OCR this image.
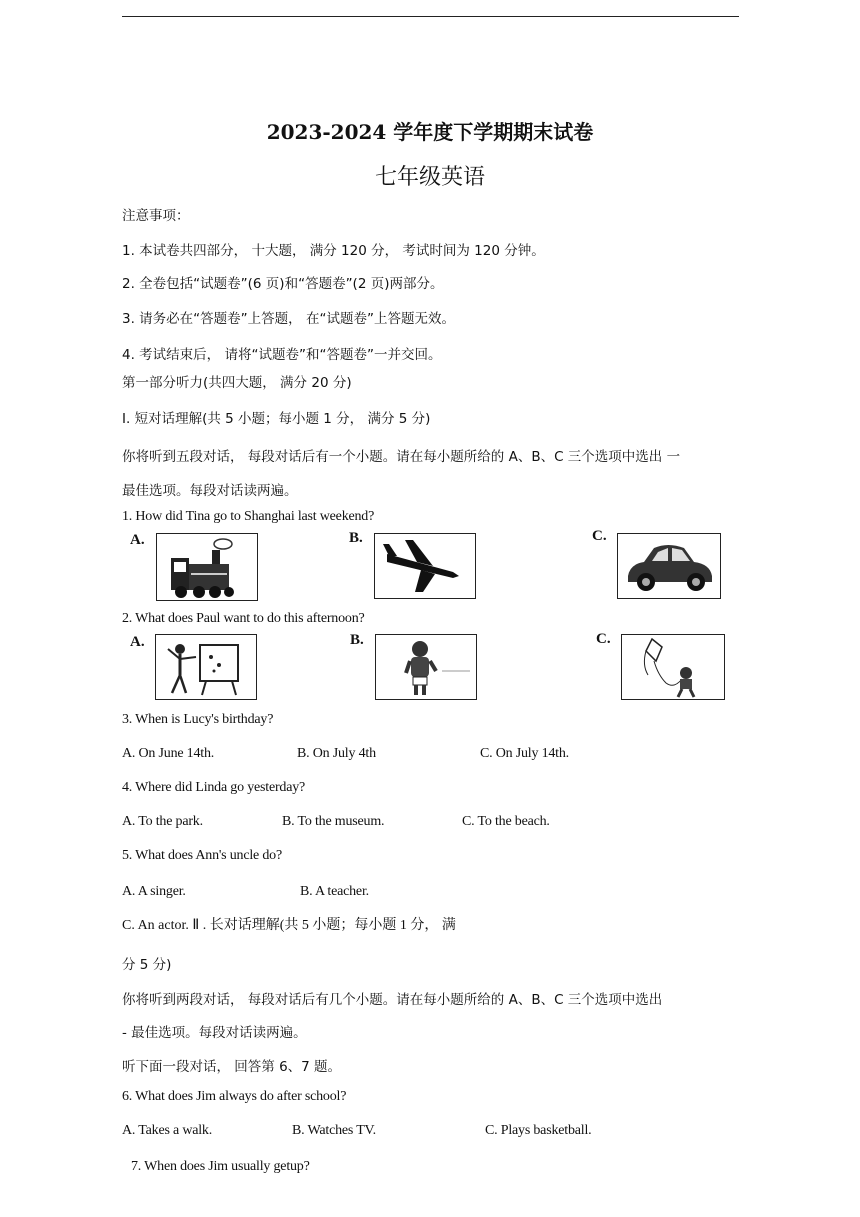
2023-2024 学年度下学期期末试卷
七年级英语
注意事项：
1. 本试卷共四部分， 十大题， 满分 120 分， 考试时间为 120 分钟。
2. 全卷包括“试题卷”(6 页)和“答题卷”(2 页)两部分。
3. 请务必在“答题卷”上答题， 在“试题卷”上答题无效。
4. 考试结束后， 请将“试题卷”和“答题卷”一并交回。
第一部分听力(共四大题， 满分 20 分)
I. 短对话理解(共 5 小题；每小题 1 分， 满分 5 分)
你将听到五段对话， 每段对话后有一个小题。请在每小题所给的 A、B、C 三个选项中选出 一
最佳选项。每段对话读两遍。
1. How did Tina go to Shanghai last weekend?
A.	B.	C.
2. What does Paul want to do this afternoon?
A.	B.	C.
3. When is Lucy's birthday?
A. On June 14th.	B. On July 4th	C. On July 14th.
4. Where did Linda go yesterday?
A. To the park.	B. To the museum.	C. To the beach.
5. What does Ann's uncle do?
A. A singer.	B. A teacher.
C. An actor. Ⅱ . 长对话理解(共 5 小题；每小题 1 分， 满
分 5 分)
你将听到两段对话， 每段对话后有几个小题。请在每小题所给的 A、B、C 三个选项中选出
- 最佳选项。每段对话读两遍。
听下面一段对话， 回答第 6、7 题。
6. What does Jim always do after school?
A. Takes a walk.	B. Watches TV.	C. Plays basketball.
7. When does Jim usually getup?
